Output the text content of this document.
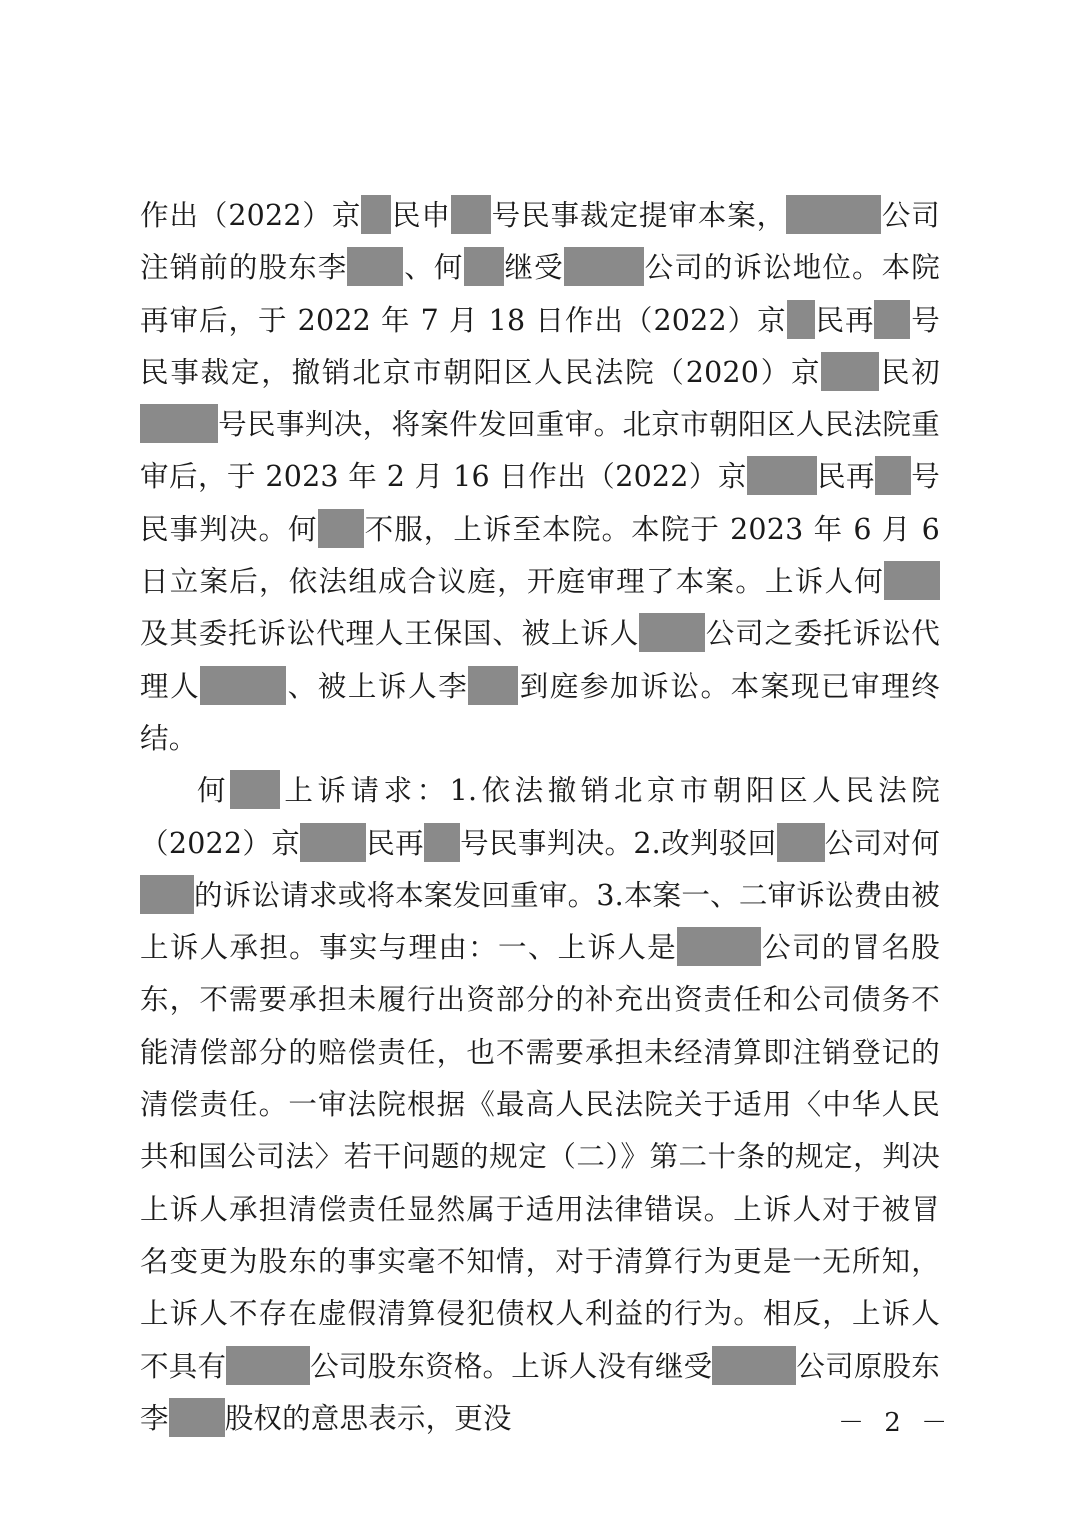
作出（2022）京 民申 号民事裁定提审本案，	公司注销前的股东李 、何 继受	公司的诉讼地位。本院再审后，于 2022 年 7 月 18 日作出（2022）京 民再 号民事裁定，撤销北京市朝阳区人民法院（2020）京 民初号民事判决，将案件发回重审。北京市朝阳区人民法院重审后，于 2023 年 2 月 16 日作出（2022）京 民再 号民事判决。何 不服，上诉至本院。本院于 2023 年 6 月 6 日立案后，依法组成合议庭，开庭审理了本案。上诉人何及其委托诉讼代理人王保国、被上诉人 公司之委托诉讼代理人	、被上诉人李 到庭参加诉讼。本案现已审理终结。

何 上诉请求：1.依法撤销北京市朝阳区人民法院（2022）京 民再 号民事判决。2.改判驳回 公司对何的诉讼请求或将本案发回重审。3.本案一、二审诉讼费由被上诉人承担。事实与理由：一、上诉人是	公司的冒名股东，不需要承担未履行出资部分的补充出资责任和公司债务不能清偿部分的赔偿责任，也不需要承担未经清算即注销登记的清偿责任。一审法院根据《最高人民法院关于适用〈中华人民共和国公司法〉若干问题的规定（二）》第二十条的规定，判决上诉人承担清偿责任显然属于适用法律错误。上诉人对于被冒名变更为股东的事实毫不知情，对于清算行为更是一无所知，上诉人不存在虚假清算侵犯债权人利益的行为。相反，上诉人不具有	公司股东资格。上诉人没有继受	公司原股东李 股权的意思表示，更没	－ 2 －
